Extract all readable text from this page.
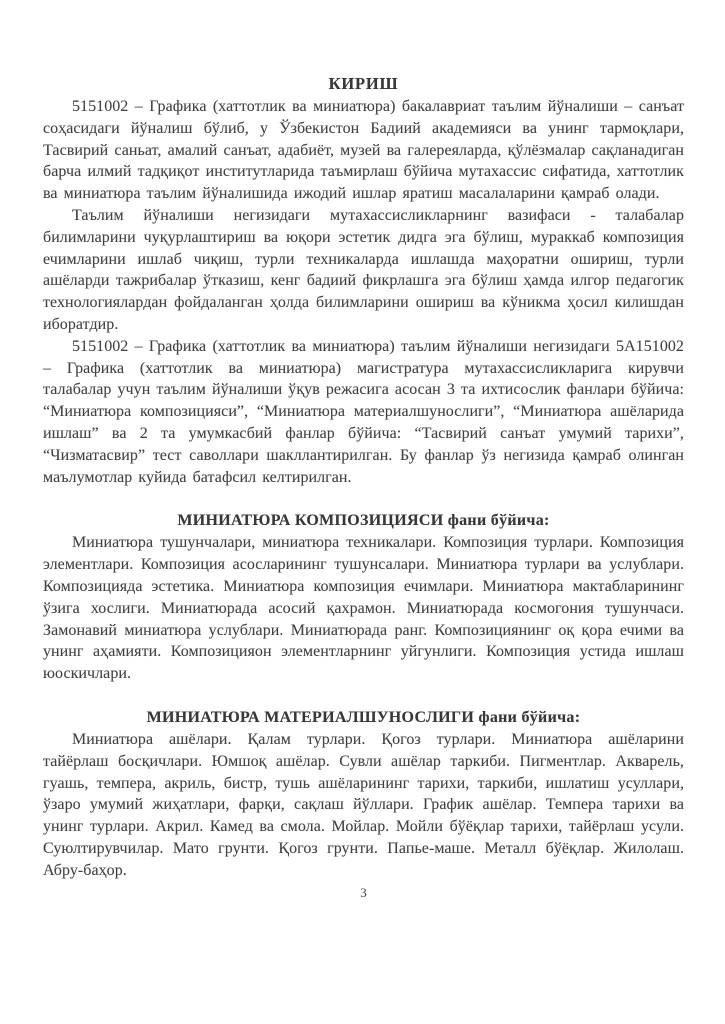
КИРИШ

5151002 – Графика (хаттотлик ва миниатюра) бакалавриат таълим йўналиши – санъат соҳасидаги йўналиш бўлиб, у Ўзбекистон Бадиий академияси ва унинг тармоқлари, Тасвирий саньат, амалий санъат, адабиёт, музей ва галереяларда, қўлёзмалар сақланадиган барча илмий тадқиқот институтларида таъмирлаш бўйича мутахассис сифатида, хаттотлик ва миниатюра таълим йўналишида ижодий ишлар яратиш масалаларини қамраб олади.

Таълим йўналиши негизидаги мутахассисликларнинг вазифаси - талабалар билимларини чуқурлаштириш ва юқори эстетик дидга эга бўлиш, мураккаб композиция ечимларини ишлаб чиқиш, турли техникаларда ишлашда маҳоратни ошириш, турли ашёларди тажрибалар ўтказиш, кенг бадиий фикрлашга эга бўлиш ҳамда илгор педагогик технологиялардан фойдаланган ҳолда билимларини ошириш ва кўникма ҳосил килишдан иборатдир.

5151002 – Графика (хаттотлик ва миниатюра) таълим йўналиши негизидаги 5А151002 – Графика (хаттотлик ва миниатюра) магистратура мутахассисликларига кирувчи талабалар учун таълим йўналиши ўқув режасига асосан 3 та ихтисослик фанлари бўйича: “Миниатюра композицияси”, “Миниатюра материалшунослиги”, “Миниатюра ашёларида ишлаш” ва 2 та умумкасбий фанлар бўйича: “Тасвирий санъат умумий тарихи”, “Чизматасвир” тест саволлари шакллантирилган. Бу фанлар ўз негизида қамраб олинган маълумотлар куйида батафсил келтирилган.

МИНИАТЮРА КОМПОЗИЦИЯСИ фани бўйича:

Миниатюра тушунчалари, миниатюра техникалари. Композиция турлари. Композиция элементлари. Композиция асосларининг тушунсалари. Миниатюра турлари ва услублари. Композицияда эстетика. Миниатюра композиция ечимлари. Миниатюра мактабларининг ўзига хослиги. Миниатюрада асосий қахрамон. Миниатюрада космогония тушунчаси. Замонавий миниатюра услублари. Миниатюрада ранг. Композициянинг оқ қора ечими ва унинг аҳамияти. Композицияон элементларнинг уйгунлиги. Композиция устида ишлаш юоскичлари.

МИНИАТЮРА МАТЕРИАЛШУНОСЛИГИ фани бўйича:

Миниатюра ашёлари. Қалам турлари. Қогоз турлари. Миниатюра ашёларини тайёрлаш босқичлари. Юмшоқ ашёлар. Сувли ашёлар таркиби. Пигментлар. Акварель, гуашь, темпера, акриль, бистр, тушь ашёларининг тарихи, таркиби, ишлатиш усуллари, ўзаро умумий жиҳатлари, фарқи, сақлаш йўллари. График ашёлар. Темпера тарихи ва унинг турлари. Акрил. Камед ва смола. Мойлар. Мойли бўёқлар тарихи, тайёрлаш усули. Суюлтирувчилар. Мато грунти. Қогоз грунти. Папье-маше. Металл бўёқлар. Жилолаш. Абру-баҳор.

3
